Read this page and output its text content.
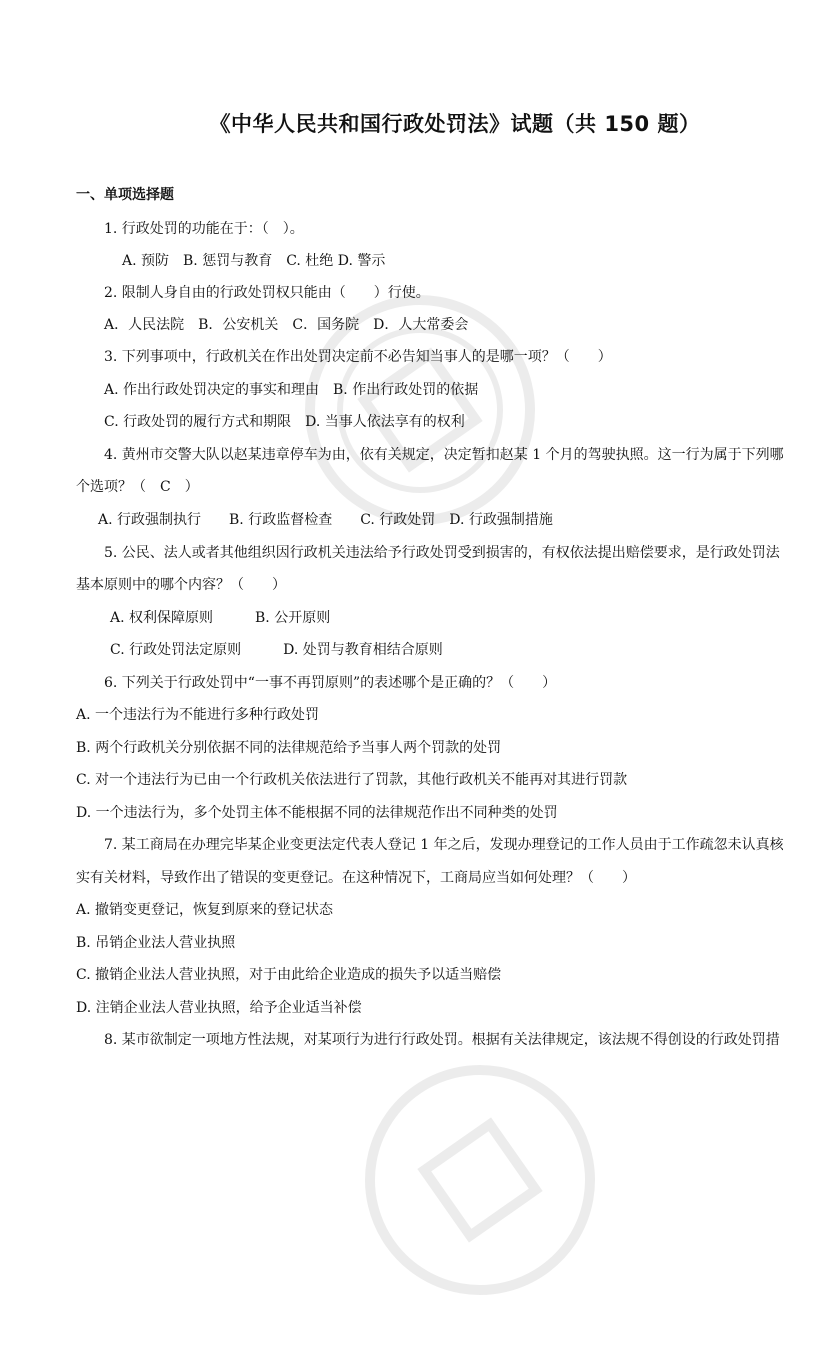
《中华人民共和国行政处罚法》试题（共 150 题）
一、单项选择题
1. 行政处罚的功能在于：（　）。
A. 预防　B. 惩罚与教育　C. 杜绝 D. 警示
2. 限制人身自由的行政处罚权只能由（　　）行使。
A．人民法院　B．公安机关　C．国务院　D．人大常委会
3. 下列事项中，行政机关在作出处罚决定前不必告知当事人的是哪一项？（　　）
A. 作出行政处罚决定的事实和理由　B. 作出行政处罚的依据
C. 行政处罚的履行方式和期限　D. 当事人依法享有的权利
4. 黄州市交警大队以赵某违章停车为由，依有关规定，决定暂扣赵某 1 个月的驾驶执照。这一行为属于下列哪
个选项？（　C　）
A. 行政强制执行　　B. 行政监督检查　　C. 行政处罚　D. 行政强制措施
5. 公民、法人或者其他组织因行政机关违法给予行政处罚受到损害的，有权依法提出赔偿要求，是行政处罚法
基本原则中的哪个内容？（　　）
A. 权利保障原则　　　B. 公开原则
C. 行政处罚法定原则　　　D. 处罚与教育相结合原则
6. 下列关于行政处罚中“一事不再罚原则”的表述哪个是正确的？（　　）
A. 一个违法行为不能进行多种行政处罚
B. 两个行政机关分别依据不同的法律规范给予当事人两个罚款的处罚
C. 对一个违法行为已由一个行政机关依法进行了罚款，其他行政机关不能再对其进行罚款
D. 一个违法行为，多个处罚主体不能根据不同的法律规范作出不同种类的处罚
7. 某工商局在办理完毕某企业变更法定代表人登记 1 年之后，发现办理登记的工作人员由于工作疏忽未认真核
实有关材料，导致作出了错误的变更登记。在这种情况下，工商局应当如何处理？（　　）
A. 撤销变更登记，恢复到原来的登记状态
B. 吊销企业法人营业执照
C. 撤销企业法人营业执照，对于由此给企业造成的损失予以适当赔偿
D. 注销企业法人营业执照，给予企业适当补偿
8. 某市欲制定一项地方性法规，对某项行为进行行政处罚。根据有关法律规定，该法规不得创设的行政处罚措
